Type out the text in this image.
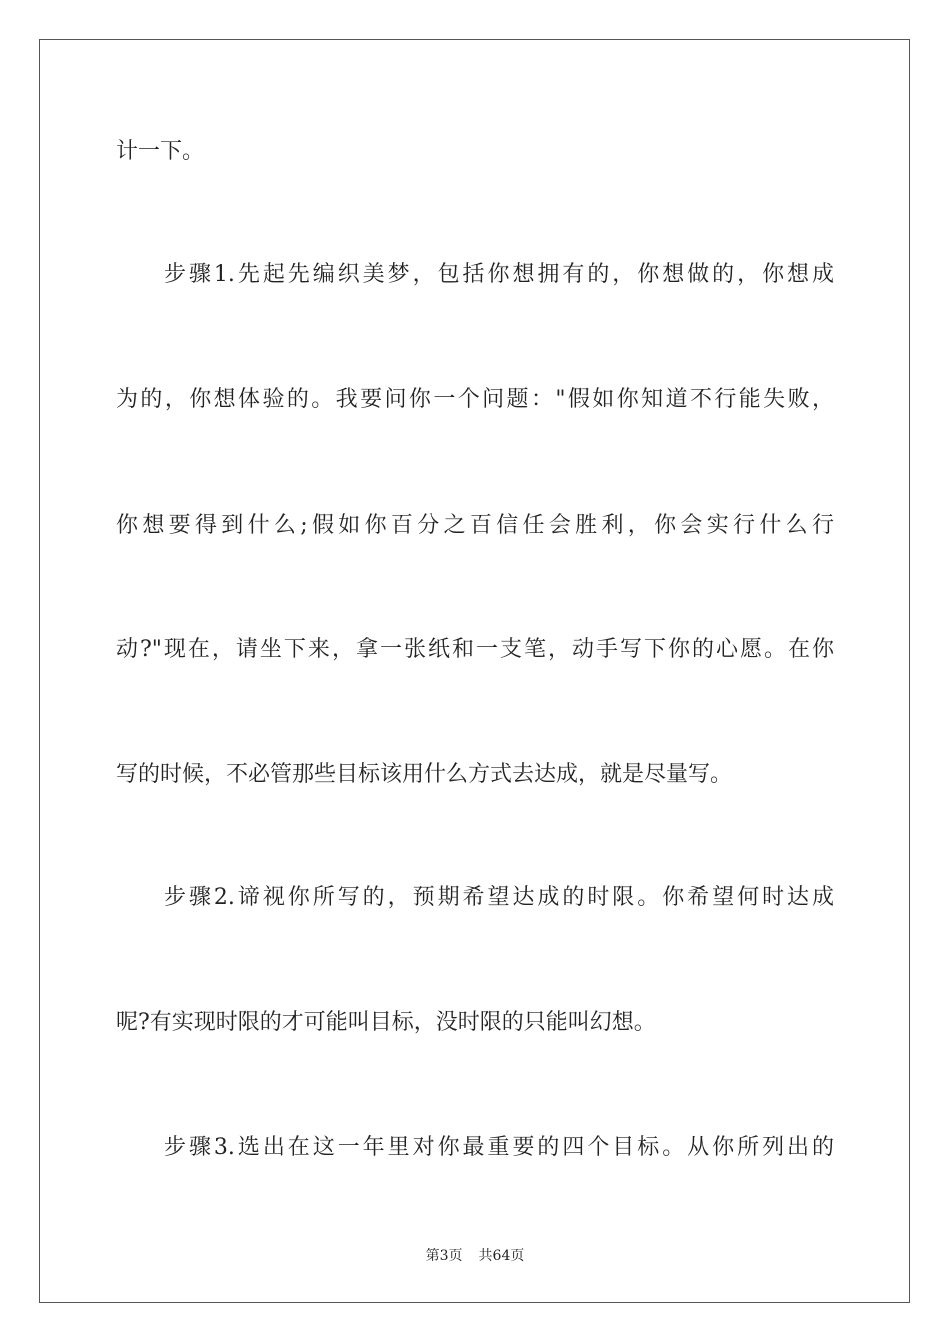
计一下。
步骤1.先起先编织美梦，包括你想拥有的，你想做的，你想成
为的，你想体验的。我要问你一个问题："假如你知道不行能失败，
你想要得到什么;假如你百分之百信任会胜利，你会实行什么行
动?"现在，请坐下来，拿一张纸和一支笔，动手写下你的心愿。在你
写的时候，不必管那些目标该用什么方式去达成，就是尽量写。
步骤2.谛视你所写的，预期希望达成的时限。你希望何时达成
呢?有实现时限的才可能叫目标，没时限的只能叫幻想。
步骤3.选出在这一年里对你最重要的四个目标。从你所列出的
第3页 共64页
